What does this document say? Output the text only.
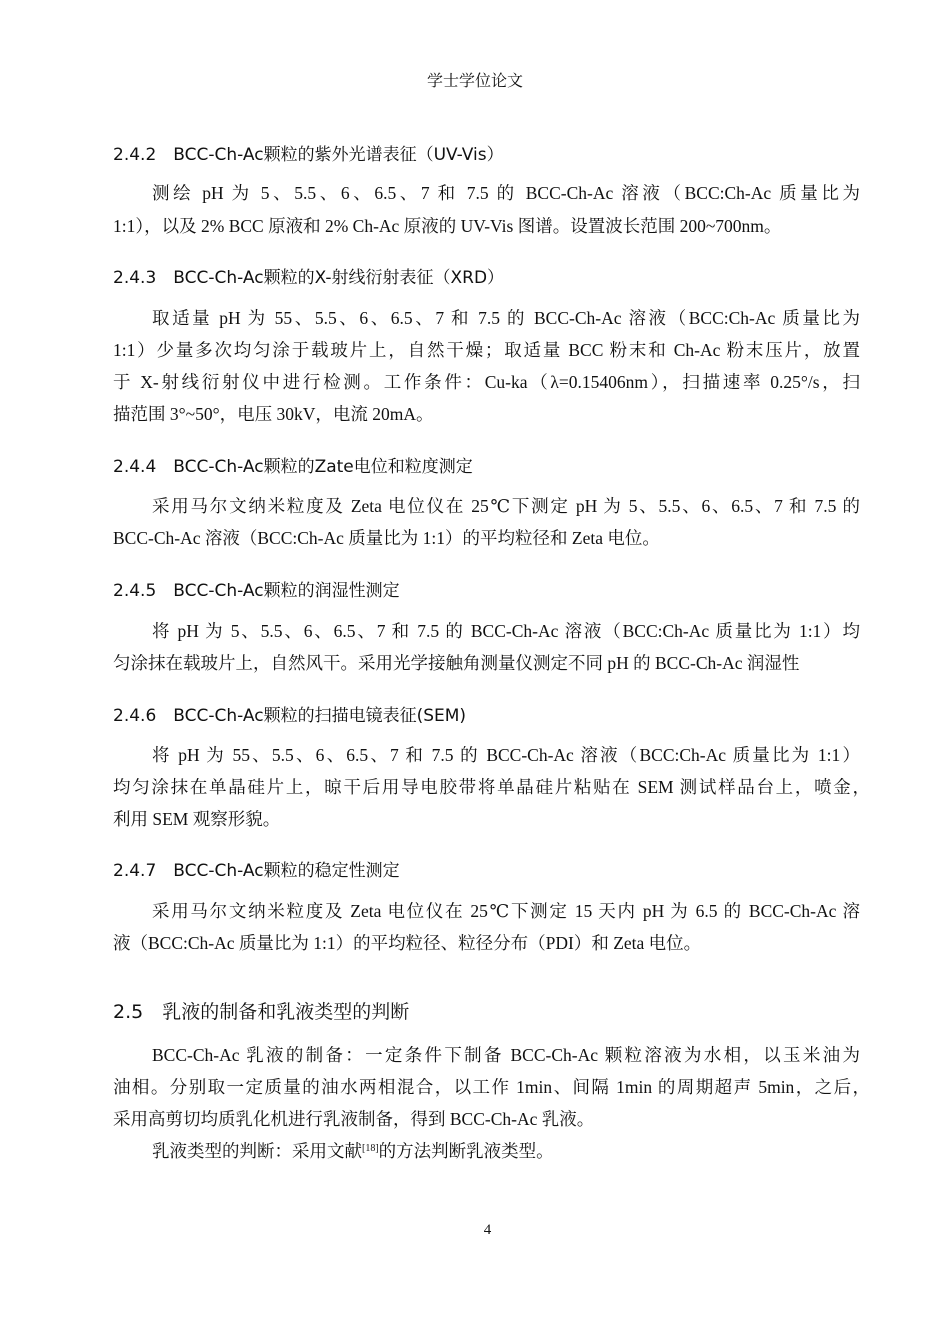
学士学位论文
2.4.2　BCC-Ch-Ac颗粒的紫外光谱表征（UV-Vis）
测绘 pH 为 5、5.5、6、6.5、7 和 7.5 的 BCC-Ch-Ac 溶液（BCC:Ch-Ac 质量比为
1:1），以及 2% BCC 原液和 2% Ch-Ac 原液的 UV-Vis 图谱。设置波长范围 200~700nm。
2.4.3　BCC-Ch-Ac颗粒的X-射线衍射表征（XRD）
取适量 pH 为 55、5.5、6、6.5、7 和 7.5 的 BCC-Ch-Ac 溶液（BCC:Ch-Ac 质量比为
1:1）少量多次均匀涂于载玻片上，自然干燥；取适量 BCC 粉末和 Ch-Ac 粉末压片，放置
于 X-射线衍射仪中进行检测。工作条件：Cu-ka（λ=0.15406nm），扫描速率 0.25°/s，扫
描范围 3°~50°，电压 30kV，电流 20mA。
2.4.4　BCC-Ch-Ac颗粒的Zate电位和粒度测定
采用马尔文纳米粒度及 Zeta 电位仪在 25℃下测定 pH 为 5、5.5、6、6.5、7 和 7.5 的
BCC-Ch-Ac 溶液（BCC:Ch-Ac 质量比为 1:1）的平均粒径和 Zeta 电位。
2.4.5　BCC-Ch-Ac颗粒的润湿性测定
将 pH 为 5、5.5、6、6.5、7 和 7.5 的 BCC-Ch-Ac 溶液（BCC:Ch-Ac 质量比为 1:1）均
匀涂抹在载玻片上，自然风干。采用光学接触角测量仪测定不同 pH 的 BCC-Ch-Ac 润湿性
2.4.6　BCC-Ch-Ac颗粒的扫描电镜表征(SEM)
将 pH 为 55、5.5、6、6.5、7 和 7.5 的 BCC-Ch-Ac 溶液（BCC:Ch-Ac 质量比为 1:1）
均匀涂抹在单晶硅片上，晾干后用导电胶带将单晶硅片粘贴在 SEM 测试样品台上，喷金，
利用 SEM 观察形貌。
2.4.7　BCC-Ch-Ac颗粒的稳定性测定
采用马尔文纳米粒度及 Zeta 电位仪在 25℃下测定 15 天内 pH 为 6.5 的 BCC-Ch-Ac 溶
液（BCC:Ch-Ac 质量比为 1:1）的平均粒径、粒径分布（PDI）和 Zeta 电位。
2.5　乳液的制备和乳液类型的判断
BCC-Ch-Ac 乳液的制备：一定条件下制备 BCC-Ch-Ac 颗粒溶液为水相，以玉米油为
油相。分别取一定质量的油水两相混合，以工作 1min、间隔 1min 的周期超声 5min，之后，
采用高剪切均质乳化机进行乳液制备，得到 BCC-Ch-Ac 乳液。
乳液类型的判断：采用文献[18]的方法判断乳液类型。
4
